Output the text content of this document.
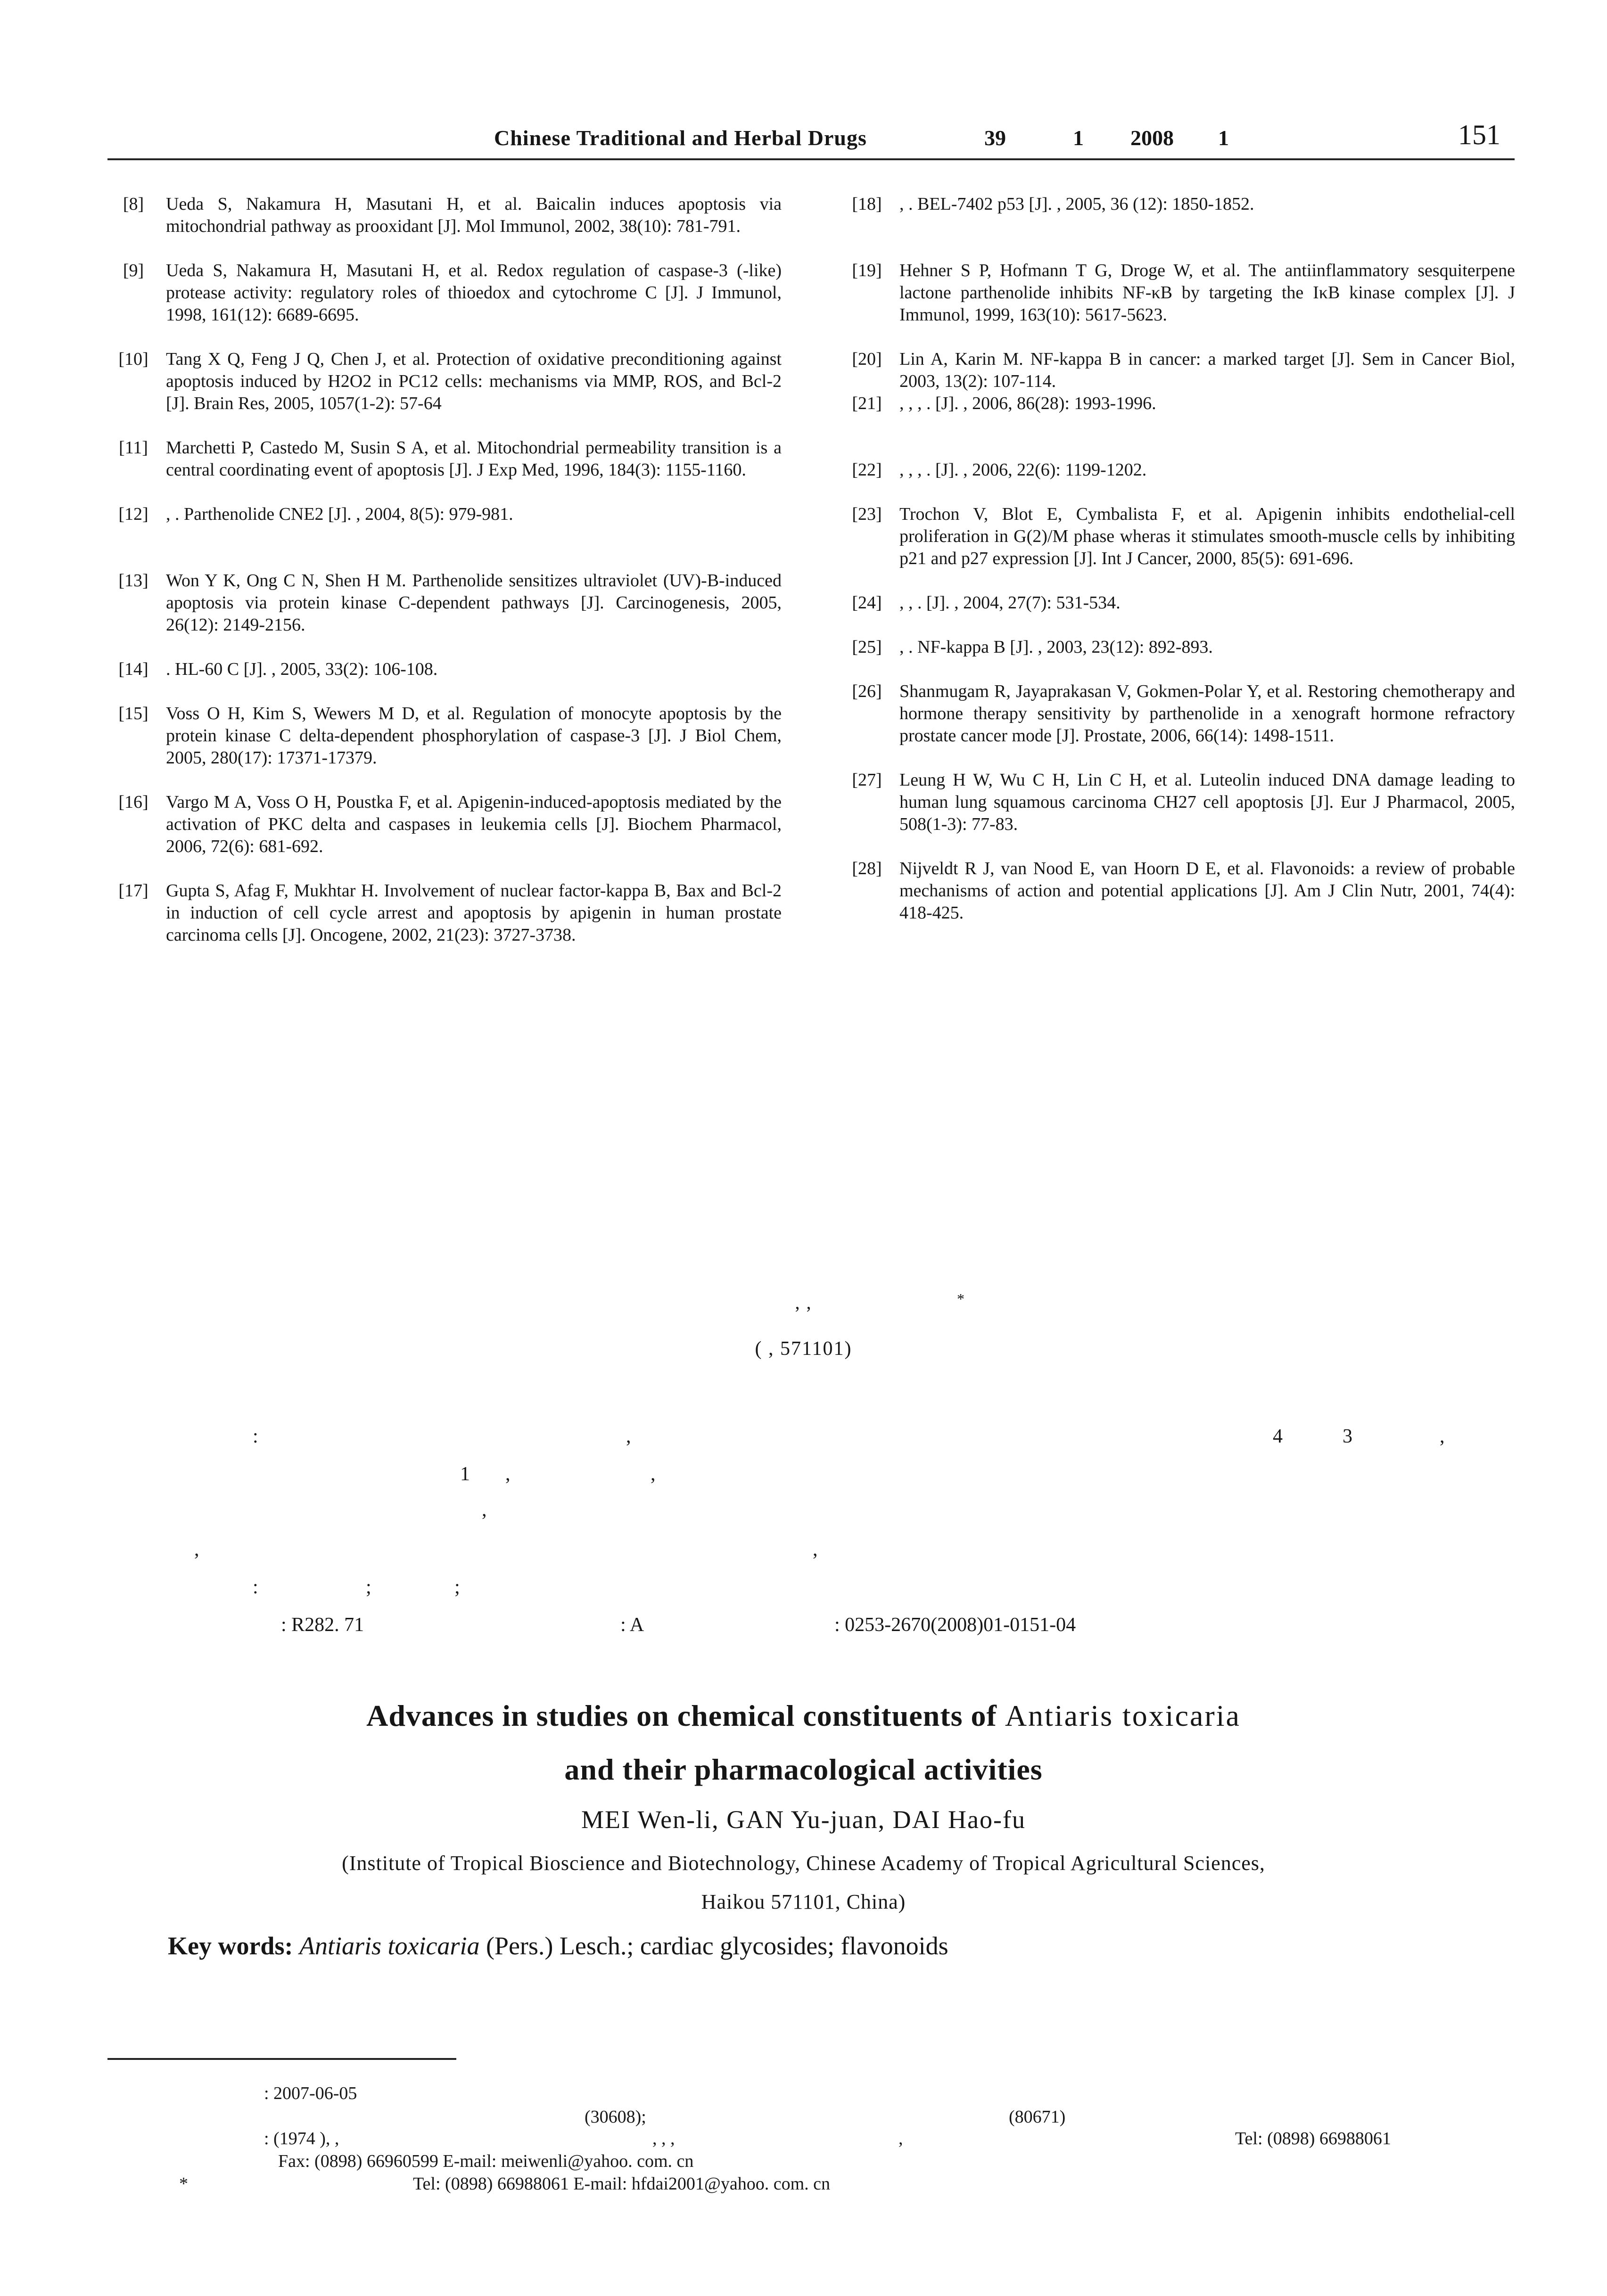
Chinese Traditional and Herbal Drugs	39	1 2008 1	151
[8]	Ueda S, Nakamura H, Masutani H, et al. Baicalin induces apoptosis via mitochondrial pathway as prooxidant [J]. Mol Immunol, 2002, 38(10): 781-791.
[9]	Ueda S, Nakamura H, Masutani H, et al. Redox regulation of caspase-3 (-like) protease activity: regulatory roles of thioedox and cytochrome C [J]. J Immunol, 1998, 161(12): 6689-6695.
[10] Tang X Q, Feng J Q, Chen J, et al. Protection of oxidative preconditioning against apoptosis induced by H2O2 in PC12 cells: mechanisms via MMP, ROS, and Bcl-2 [J]. Brain Res, 2005, 1057(1-2): 57-64
[11]	Marchetti P, Castedo M, Susin S A, et al. Mitochondrial permeability transition is a central coordinating event of apoptosis [J]. J Exp Med, 1996, 184(3): 1155-1160.
[12] , . Parthenolide CNE2 [J]. , 2004, 8(5): 979-981.
[13] Won Y K, Ong C N, Shen H M. Parthenolide sensitizes ultraviolet (UV)-B-induced apoptosis via protein kinase C-dependent pathways [J]. Carcinogenesis, 2005, 26(12): 2149-2156.
[14] . HL-60 C [J]. , 2005, 33(2): 106-108.
[15] Voss O H, Kim S, Wewers M D, et al. Regulation of monocyte apoptosis by the protein kinase C delta-dependent phosphorylation of caspase-3 [J]. J Biol Chem, 2005, 280(17): 17371-17379.
[16] Vargo M A, Voss O H, Poustka F, et al. Apigenin-induced-apoptosis mediated by the activation of PKC delta and caspases in leukemia cells [J]. Biochem Pharmacol, 2006, 72(6): 681-692.
[17] Gupta S, Afag F, Mukhtar H. Involvement of nuclear factor-kappa B, Bax and Bcl-2 in induction of cell cycle arrest and apoptosis by apigenin in human prostate carcinoma cells [J]. Oncogene, 2002, 21(23): 3727-3738.
[18] , . BEL-7402 p53 [J]. , 2005, 36 (12): 1850-1852.
[19] Hehner S P, Hofmann T G, Droge W, et al. The antiinflammatory sesquiterpene lactone parthenolide inhibits NF-κB by targeting the IκB kinase complex [J]. J Immunol, 1999, 163(10): 5617-5623.
[20] Lin A, Karin M. NF-kappa B in cancer: a marked target [J]. Sem in Cancer Biol, 2003, 13(2): 107-114.
[21] , , , . [J]. , 2006, 86(28): 1993-1996.
[22] , , , . [J]. , 2006, 22(6): 1199-1202.
[23] Trochon V, Blot E, Cymbalista F, et al. Apigenin inhibits endothelial-cell proliferation in G(2)/M phase wheras it stimulates smooth-muscle cells by inhibiting p21 and p27 expression [J]. Int J Cancer, 2000, 85(5): 691-696.
[24] , , . [J]. , 2004, 27(7): 531-534.
[25] , . NF-kappa B [J]. , 2003, 23(12): 892-893.
[26] Shanmugam R, Jayaprakasan V, Gokmen-Polar Y, et al. Restoring chemotherapy and hormone therapy sensitivity by parthenolide in a xenograft hormone refractory prostate cancer mode [J]. Prostate, 2006, 66(14): 1498-1511.
[27] Leung H W, Wu C H, Lin C H, et al. Luteolin induced DNA damage leading to human lung squamous carcinoma CH27 cell apoptosis [J]. Eur J Pharmacol, 2005, 508(1-3): 77-83.
[28] Nijveldt R J, van Nood E, van Hoorn D E, et al. Flavonoids: a review of probable mechanisms of action and potential applications [J]. Am J Clin Nutr, 2001, 74(4): 418-425.
*
, ,
( , 571101)
:	,	4	3	,
1 ,	,
,
,	,
:	;	;
: R282. 71	: A	: 0253-2670(2008)01-0151-04
Advances in studies on chemical constituents of Antiaris toxicaria
and their pharmacological activities
MEI Wen-li, GAN Yu-juan, DAI Hao-fu
(Institute of Tropical Bioscience and Biotechnology, Chinese Academy of Tropical Agricultural Sciences,
Haikou 571101, China)
Key words: Antiaris toxicaria (Pers.) Lesch.; cardiac glycosides; flavonoids
: 2007-06-05
(30608);	(80671)
: (1974 ), ,	, , ,	,	Tel: (0898) 66988061
Fax: (0898) 66960599 E-mail: meiwenli@yahoo. com. cn
*	Tel: (0898) 66988061 E-mail: hfdai2001@yahoo. com. cn
